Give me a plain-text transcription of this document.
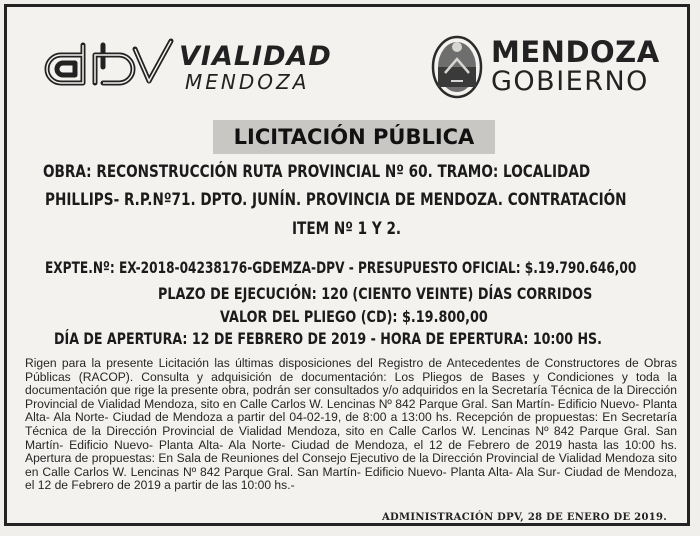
VIALIDAD
MENDOZA
MENDOZA
GOBIERNO
LICITACIÓN PÚBLICA
OBRA: RECONSTRUCCIÓN RUTA PROVINCIAL Nº 60. TRAMO: LOCALIDAD
PHILLIPS- R.P.Nº71. DPTO. JUNÍN. PROVINCIA DE MENDOZA. CONTRATACIÓN
ITEM Nº 1 Y 2.
EXPTE.Nº: EX-2018-04238176-GDEMZA-DPV - PRESUPUESTO OFICIAL: $.19.790.646,00
PLAZO DE EJECUCIÓN: 120 (CIENTO VEINTE) DÍAS CORRIDOS
VALOR DEL PLIEGO (CD): $.19.800,00
DÍA DE APERTURA: 12 DE FEBRERO DE 2019 - HORA DE EPERTURA: 10:00 HS.
Rigen para la presente Licitación las últimas disposiciones del Registro de Antecedentes de Constructores de Obras Públicas (RACOP). Consulta y adquisición de documentación: Los Pliegos de Bases y Condiciones y toda la documentación que rige la presente obra, podrán ser consultados y/o adquiridos en la Secretaría Técnica de la Dirección Provincial de Vialidad Mendoza, sito en Calle Carlos W. Lencinas Nº 842 Parque Gral. San Martín- Edificio Nuevo- Planta Alta- Ala Norte- Ciudad de Mendoza a partir del 04-02-19, de 8:00 a 13:00 hs. Recepción de propuestas: En Secretaría Técnica de la Dirección Provincial de Vialidad Mendoza, sito en Calle Carlos W. Lencinas Nº 842 Parque Gral. San Martín- Edificio Nuevo- Planta Alta- Ala Norte- Ciudad de Mendoza, el 12 de Febrero de 2019 hasta las 10:00 hs. Apertura de propuestas: En Sala de Reuniones del Consejo Ejecutivo de la Dirección Provincial de Vialidad Mendoza sito en Calle Carlos W. Lencinas Nº 842 Parque Gral. San Martín- Edificio Nuevo- Planta Alta- Ala Sur- Ciudad de Mendoza, el 12 de Febrero de 2019 a partir de las 10:00 hs.-
ADMINISTRACIÓN DPV, 28 DE ENERO DE 2019.
